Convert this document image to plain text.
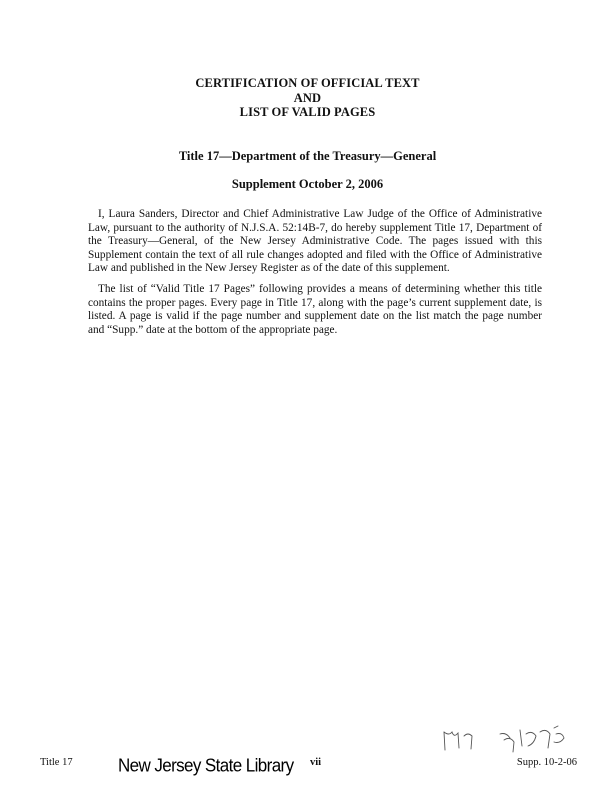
CERTIFICATION OF OFFICIAL TEXT
AND
LIST OF VALID PAGES
Title 17—Department of the Treasury—General
Supplement October 2, 2006

I, Laura Sanders, Director and Chief Administrative Law Judge of the Office of Administrative Law, pursuant to the authority of N.J.S.A. 52:14B-7, do hereby supplement Title 17, Department of the Treasury—General, of the New Jersey Administrative Code. The pages issued with this Supplement contain the text of all rule changes adopted and filed with the Office of Administrative Law and published in the New Jersey Register as of the date of this supplement.

The list of “Valid Title 17 Pages” following provides a means of determining whether this title contains the proper pages. Every page in Title 17, along with the page’s current supplement date, is listed. A page is valid if the page number and supplement date on the list match the page number and “Supp.” date at the bottom of the appropriate page.

Title 17	New Jersey State Library vii	Supp. 10-2-06
